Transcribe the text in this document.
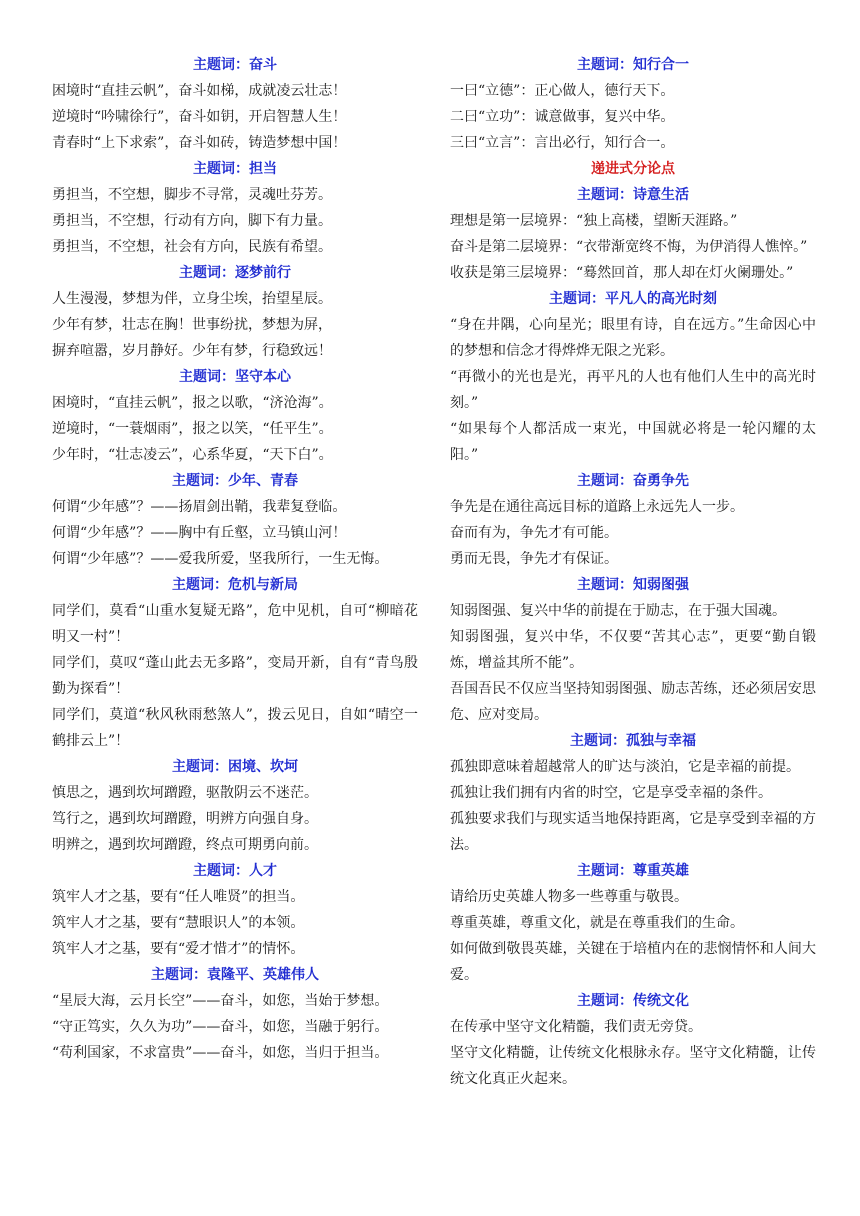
主题词：奋斗
困境时“直挂云帆”，奋斗如梯，成就凌云壮志！
逆境时“吟啸徐行”，奋斗如钥，开启智慧人生！
青春时“上下求索”，奋斗如砖，铸造梦想中国！
主题词：担当
勇担当，不空想，脚步不寻常，灵魂吐芬芳。
勇担当，不空想，行动有方向，脚下有力量。
勇担当，不空想，社会有方向，民族有希望。
主题词：逐梦前行
人生漫漫，梦想为伴，立身尘埃，抬望星辰。
少年有梦，壮志在胸！世事纷扰，梦想为屏，
摒弃喧嚣，岁月静好。少年有梦，行稳致远！
主题词：坚守本心
困境时，“直挂云帆”，报之以歌，“济沧海”。
逆境时，“一蓑烟雨”，报之以笑，“任平生”。
少年时，“壮志凌云”，心系华夏，“天下白”。
主题词：少年、青春
何谓“少年感”？——扬眉剑出鞘，我辈复登临。
何谓“少年感”？——胸中有丘壑，立马镇山河！
何谓“少年感”？——爱我所爱，坚我所行，一生无悔。
主题词：危机与新局
同学们，莫看“山重水复疑无路”，危中见机，自可“柳暗花明又一村”！
同学们，莫叹“蓬山此去无多路”，变局开新，自有“青鸟殷勤为探看”！
同学们，莫道“秋风秋雨愁煞人”，拨云见日，自如“晴空一鹤排云上”！
主题词：困境、坎坷
慎思之，遇到坎坷蹭蹬，驱散阴云不迷茫。
笃行之，遇到坎坷蹭蹬，明辨方向强自身。
明辨之，遇到坎坷蹭蹬，终点可期勇向前。
主题词：人才
筑牢人才之基，要有“任人唯贤”的担当。
筑牢人才之基，要有“慧眼识人”的本领。
筑牢人才之基，要有“爱才惜才”的情怀。
主题词：袁隆平、英雄伟人
“星辰大海，云月长空”——奋斗，如您，当始于梦想。
“守正笃实，久久为功”——奋斗，如您，当融于躬行。
“苟利国家，不求富贵”——奋斗，如您，当归于担当。
主题词：知行合一
一曰“立德”：正心做人，德行天下。
二曰“立功”：诚意做事，复兴中华。
三曰“立言”：言出必行，知行合一。
递进式分论点
主题词：诗意生活
理想是第一层境界：“独上高楼，望断天涯路。”
奋斗是第二层境界：“衣带渐宽终不悔，为伊消得人憔悴。”
收获是第三层境界：“蓦然回首，那人却在灯火阑珊处。”
主题词：平凡人的高光时刻
“身在井隅，心向星光；眼里有诗，自在远方。”生命因心中的梦想和信念才得烨烨无限之光彩。
“再微小的光也是光，再平凡的人也有他们人生中的高光时刻。”
“如果每个人都活成一束光，中国就必将是一轮闪耀的太阳。”
主题词：奋勇争先
争先是在通往高远目标的道路上永远先人一步。
奋而有为，争先才有可能。
勇而无畏，争先才有保证。
主题词：知弱图强
知弱图强、复兴中华的前提在于励志，在于强大国魂。
知弱图强，复兴中华，不仅要“苦其心志”，更要“勤自锻炼，增益其所不能”。
吾国吾民不仅应当坚持知弱图强、励志苦练，还必须居安思危、应对变局。
主题词：孤独与幸福
孤独即意味着超越常人的旷达与淡泊，它是幸福的前提。
孤独让我们拥有内省的时空，它是享受幸福的条件。
孤独要求我们与现实适当地保持距离，它是享受到幸福的方法。
主题词：尊重英雄
请给历史英雄人物多一些尊重与敬畏。
尊重英雄，尊重文化，就是在尊重我们的生命。
如何做到敬畏英雄，关键在于培植内在的悲悯情怀和人间大爱。
主题词：传统文化
在传承中坚守文化精髓，我们责无旁贷。
坚守文化精髓，让传统文化根脉永存。坚守文化精髓，让传统文化真正火起来。
